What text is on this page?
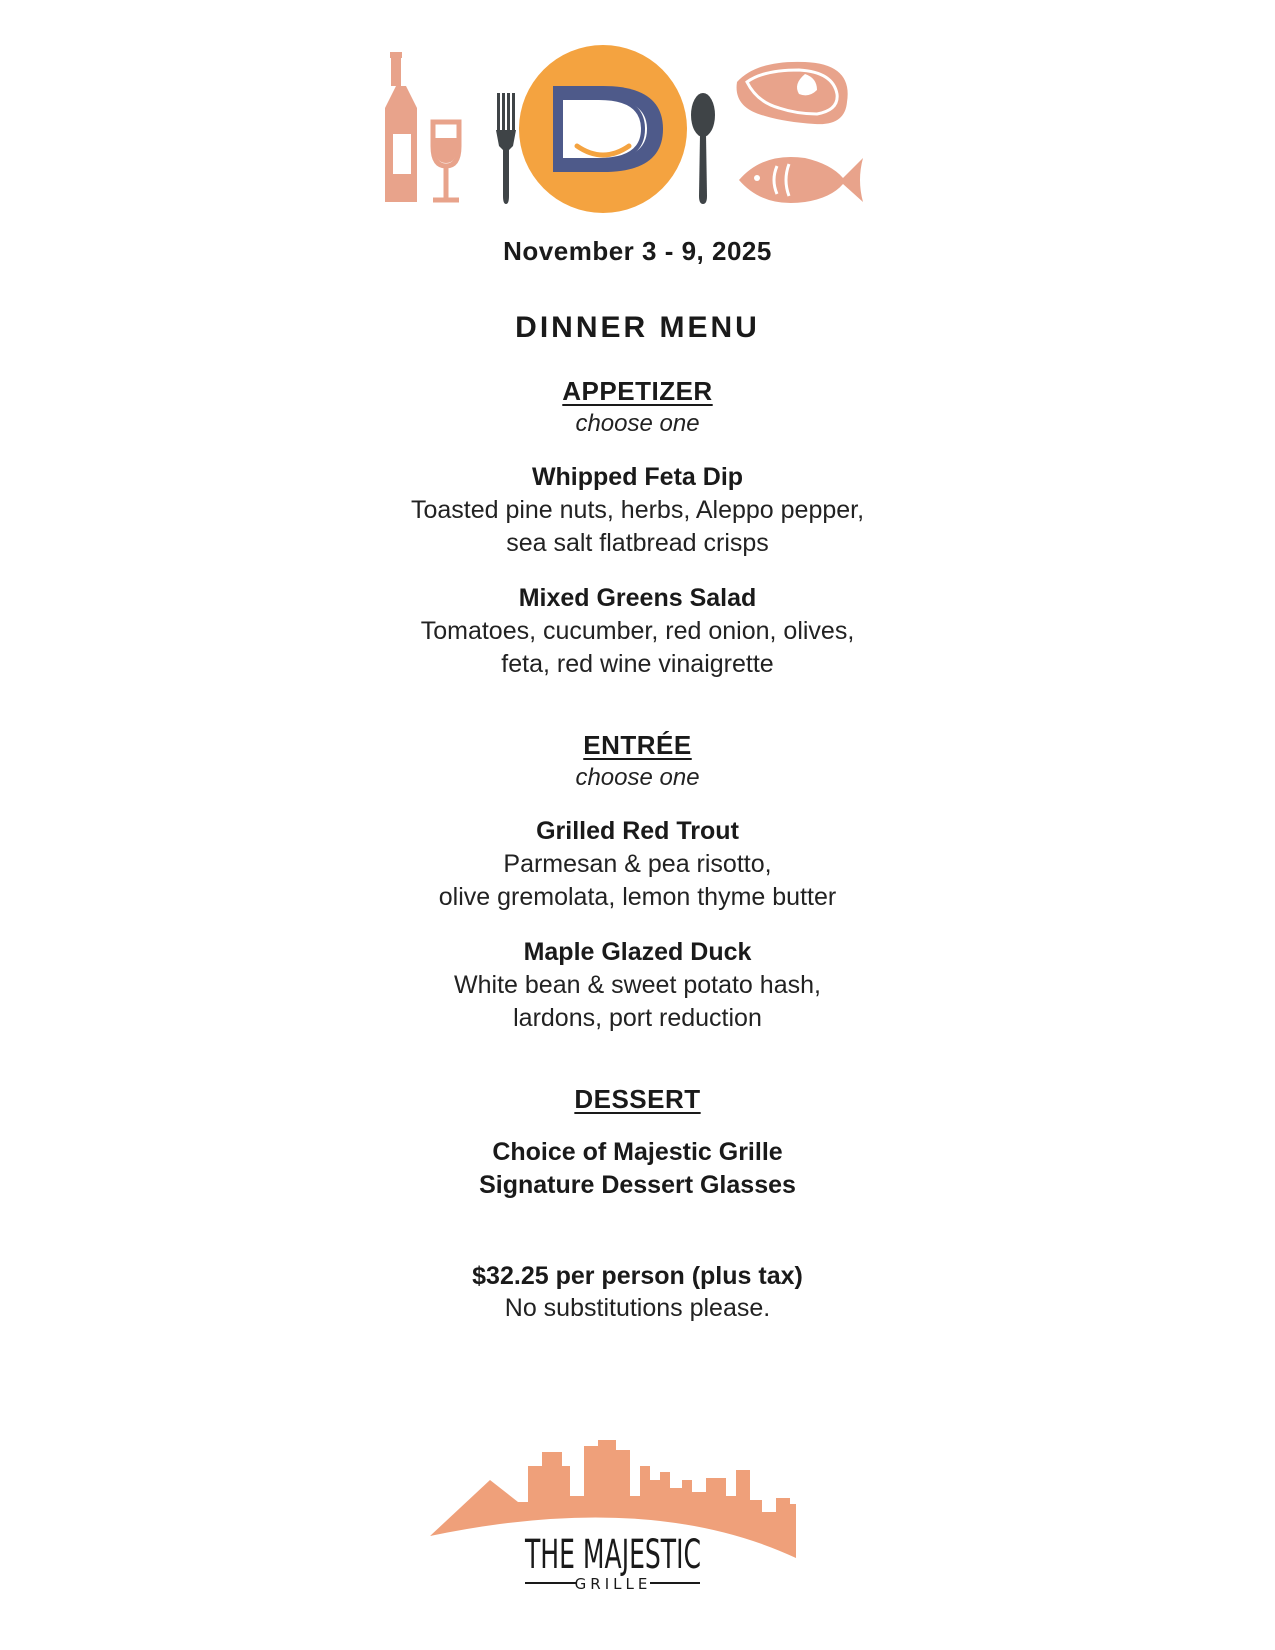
November 3 - 9, 2025
DINNER MENU
APPETIZER
choose one
Whipped Feta Dip
Toasted pine nuts, herbs, Aleppo pepper,
sea salt flatbread crisps
Mixed Greens Salad
Tomatoes, cucumber, red onion, olives,
feta, red wine vinaigrette
ENTRÉE
choose one
Grilled Red Trout
Parmesan & pea risotto,
olive gremolata, lemon thyme butter
Maple Glazed Duck
White bean & sweet potato hash,
lardons, port reduction
DESSERT
Choice of Majestic Grille
Signature Dessert Glasses
$32.25 per person (plus tax)
No substitutions please.
THE MAJESTIC
GRILLE
